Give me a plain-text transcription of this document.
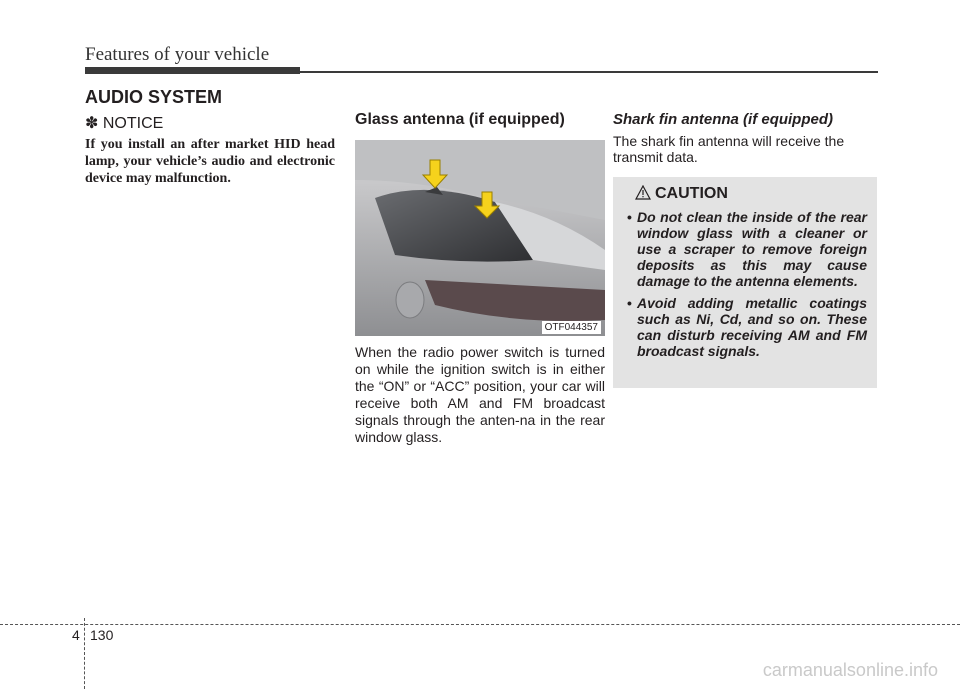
Features of your vehicle
AUDIO SYSTEM
✽ NOTICE
If you install an after market HID head lamp, your vehicle’s audio and electronic device may malfunction.
Glass antenna (if equipped)
OTF044357
When the radio power switch is turned on while the ignition switch is in either the “ON” or “ACC” position, your car will receive both AM and FM broadcast signals through the anten-na in the rear window glass.
Shark fin antenna (if equipped)
The shark fin antenna will receive the transmit data.
CAUTION
• Do not clean the inside of the rear window glass with a cleaner or use a scraper to remove foreign deposits as this may cause damage to the antenna elements.
• Avoid adding metallic coatings such as Ni, Cd, and so on. These can disturb receiving AM and FM broadcast signals.
4 130
carmanualsonline.info
